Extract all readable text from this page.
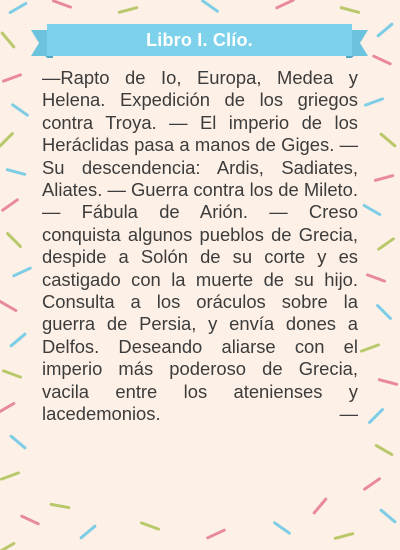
Libro I. Clío.

—Rapto de Io, Europa, Medea y Helena. Expedición de los griegos contra Troya. — El imperio de los Heráclidas pasa a manos de Giges. — Su descendencia: Ardis, Sadiates, Aliates. — Guerra contra los de Mileto. — Fábula de Arión. — Creso conquista algunos pueblos de Grecia, despide a Solón de su corte y es castigado con la muerte de su hijo. Consulta a los oráculos sobre la guerra de Persia, y envía dones a Delfos. Deseando aliarse con el imperio más poderoso de Grecia, vacila entre los atenienses y lacedemonios. —
